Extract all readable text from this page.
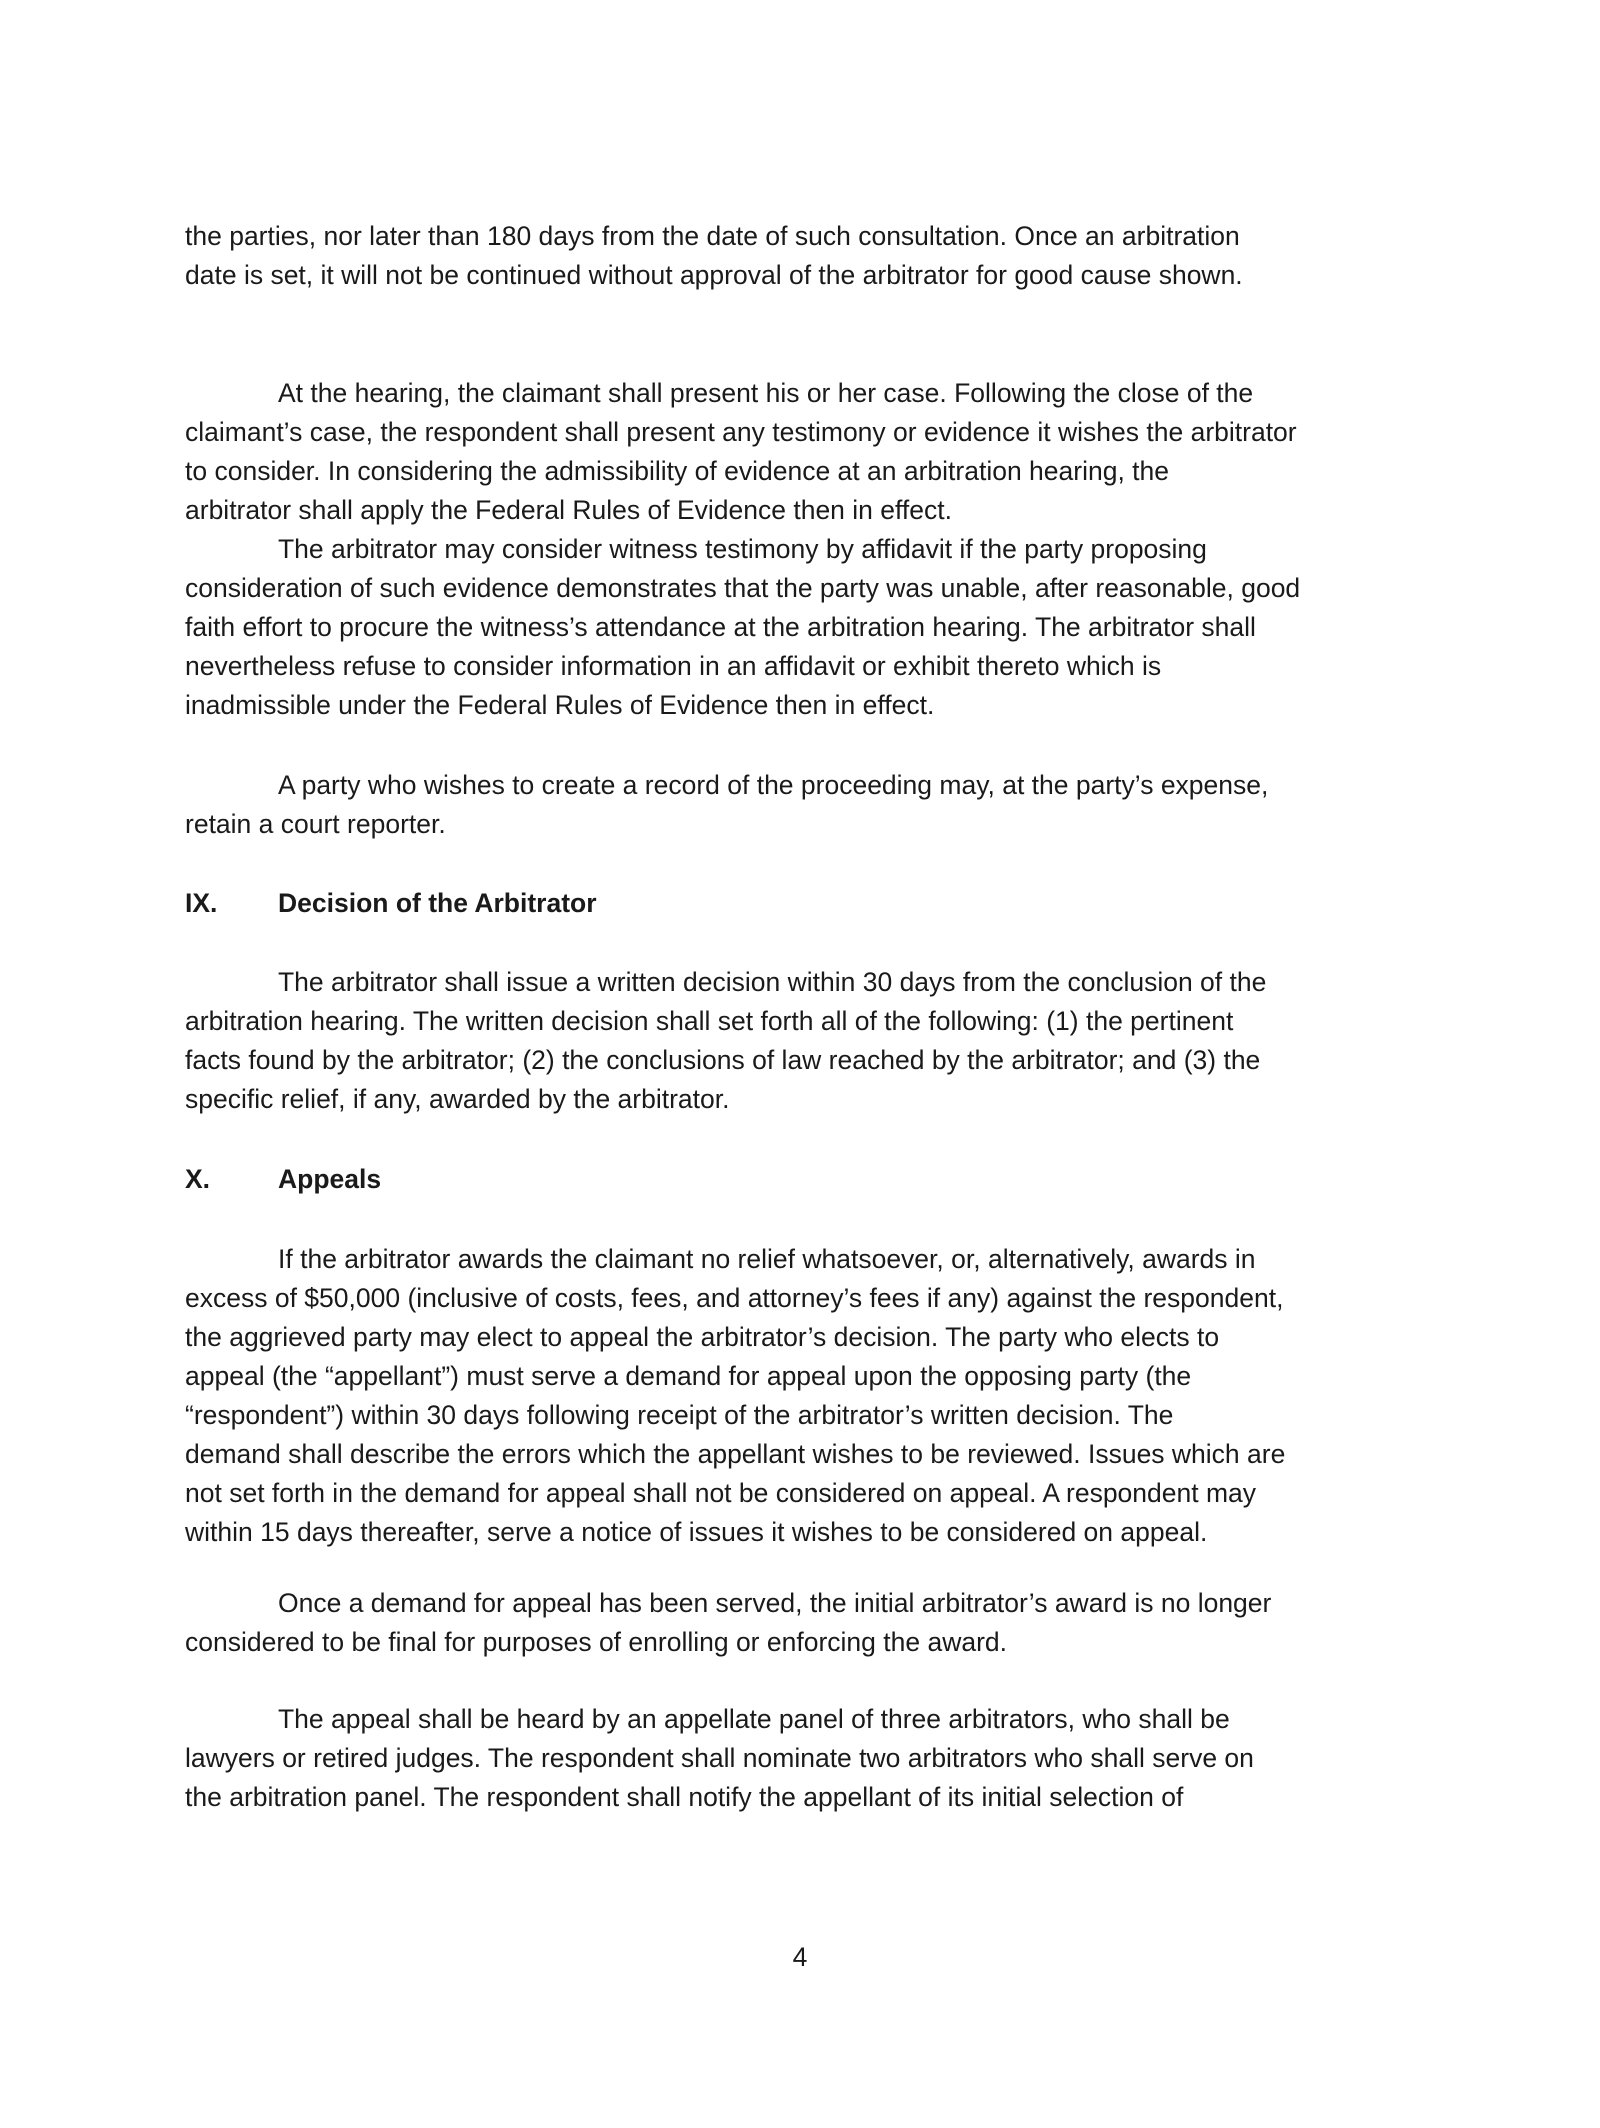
the parties, nor later than 180 days from the date of such consultation. Once an arbitration
date is set, it will not be continued without approval of the arbitrator for good cause shown.
At the hearing, the claimant shall present his or her case. Following the close of the
claimant’s case, the respondent shall present any testimony or evidence it wishes the arbitrator
to consider. In considering the admissibility of evidence at an arbitration hearing, the
arbitrator shall apply the Federal Rules of Evidence then in effect.
The arbitrator may consider witness testimony by affidavit if the party proposing
consideration of such evidence demonstrates that the party was unable, after reasonable, good
faith effort to procure the witness’s attendance at the arbitration hearing. The arbitrator shall
nevertheless refuse to consider information in an affidavit or exhibit thereto which is
inadmissible under the Federal Rules of Evidence then in effect.
A party who wishes to create a record of the proceeding may, at the party’s expense,
retain a court reporter.
IX. Decision of the Arbitrator
The arbitrator shall issue a written decision within 30 days from the conclusion of the
arbitration hearing. The written decision shall set forth all of the following: (1) the pertinent
facts found by the arbitrator; (2) the conclusions of law reached by the arbitrator; and (3) the
specific relief, if any, awarded by the arbitrator.
X.	Appeals
If the arbitrator awards the claimant no relief whatsoever, or, alternatively, awards in
excess of $50,000 (inclusive of costs, fees, and attorney’s fees if any) against the respondent,
the aggrieved party may elect to appeal the arbitrator’s decision. The party who elects to
appeal (the “appellant”) must serve a demand for appeal upon the opposing party (the
“respondent”) within 30 days following receipt of the arbitrator’s written decision. The
demand shall describe the errors which the appellant wishes to be reviewed. Issues which are
not set forth in the demand for appeal shall not be considered on appeal. A respondent may
within 15 days thereafter, serve a notice of issues it wishes to be considered on appeal.
Once a demand for appeal has been served, the initial arbitrator’s award is no longer
considered to be final for purposes of enrolling or enforcing the award.
The appeal shall be heard by an appellate panel of three arbitrators, who shall be
lawyers or retired judges. The respondent shall nominate two arbitrators who shall serve on
the arbitration panel. The respondent shall notify the appellant of its initial selection of
4
